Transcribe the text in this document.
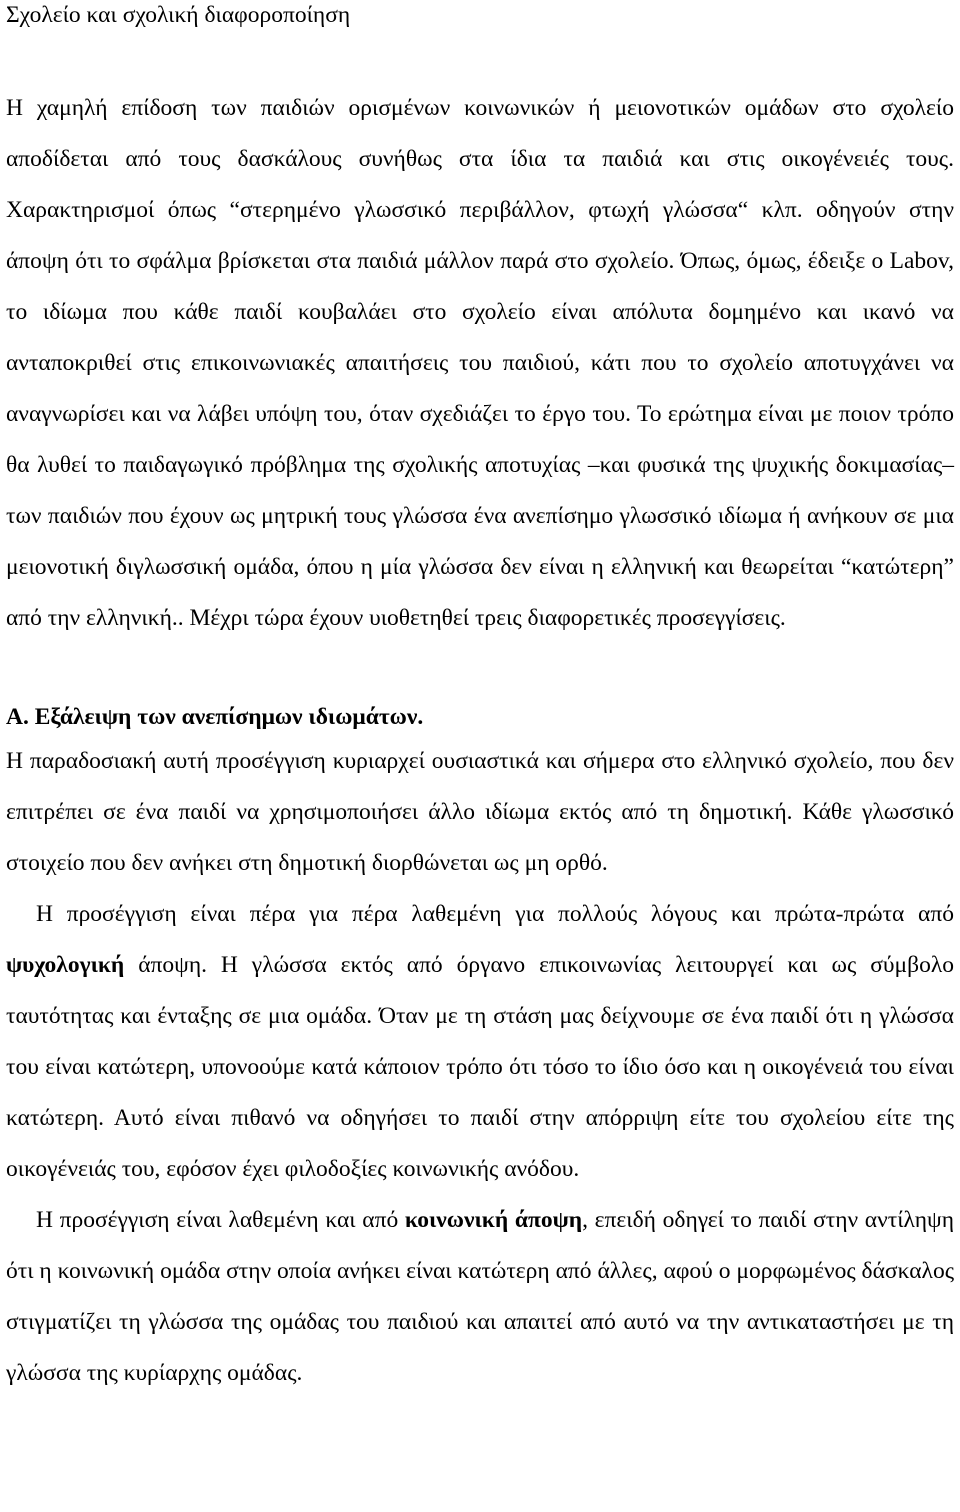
Σχολείο και σχολική διαφοροποίηση

Η χαμηλή επίδοση των παιδιών ορισμένων κοινωνικών ή μειονοτικών ομάδων στο σχολείο αποδίδεται από τους δασκάλους συνήθως στα ίδια τα παιδιά και στις οικογένειές τους. Χαρακτηρισμοί όπως “στερημένο γλωσσικό περιβάλλον, φτωχή γλώσσα“ κλπ. οδηγούν στην άποψη ότι το σφάλμα βρίσκεται στα παιδιά μάλλον παρά στο σχολείο. Όπως, όμως, έδειξε ο Labov, το ιδίωμα που κάθε παιδί κουβαλάει στο σχολείο είναι απόλυτα δομημένο και ικανό να ανταποκριθεί στις επικοινωνιακές απαιτήσεις του παιδιού, κάτι που το σχολείο αποτυγχάνει να αναγνωρίσει και να λάβει υπόψη του, όταν σχεδιάζει το έργο του. Το ερώτημα είναι με ποιον τρόπο θα λυθεί το παιδαγωγικό πρόβλημα της σχολικής αποτυχίας –και φυσικά της ψυχικής δοκιμασίας– των παιδιών που έχουν ως μητρική τους γλώσσα ένα ανεπίσημο γλωσσικό ιδίωμα ή ανήκουν σε μια μειονοτική διγλωσσική ομάδα, όπου η μία γλώσσα δεν είναι η ελληνική και θεωρείται “κατώτερη” από την ελληνική.. Μέχρι τώρα έχουν υιοθετηθεί τρεις διαφορετικές προσεγγίσεις.

Α. Εξάλειψη των ανεπίσημων ιδιωμάτων.

Η παραδοσιακή αυτή προσέγγιση κυριαρχεί ουσιαστικά και σήμερα στο ελληνικό σχολείο, που δεν επιτρέπει σε ένα παιδί να χρησιμοποιήσει άλλο ιδίωμα εκτός από τη δημοτική. Κάθε γλωσσικό στοιχείο που δεν ανήκει στη δημοτική διορθώνεται ως μη ορθό.

Η προσέγγιση είναι πέρα για πέρα λαθεμένη για πολλούς λόγους και πρώτα-πρώτα από ψυχολογική άποψη. Η γλώσσα εκτός από όργανο επικοινωνίας λειτουργεί και ως σύμβολο ταυτότητας και ένταξης σε μια ομάδα. Όταν με τη στάση μας δείχνουμε σε ένα παιδί ότι η γλώσσα του είναι κατώτερη, υπονοούμε κατά κάποιον τρόπο ότι τόσο το ίδιο όσο και η οικογένειά του είναι κατώτερη. Αυτό είναι πιθανό να οδηγήσει το παιδί στην απόρριψη είτε του σχολείου είτε της οικογένειάς του, εφόσον έχει φιλοδοξίες κοινωνικής ανόδου.

Η προσέγγιση είναι λαθεμένη και από κοινωνική άποψη, επειδή οδηγεί το παιδί στην αντίληψη ότι η κοινωνική ομάδα στην οποία ανήκει είναι κατώτερη από άλλες, αφού ο μορφωμένος δάσκαλος στιγματίζει τη γλώσσα της ομάδας του παιδιού και απαιτεί από αυτό να την αντικαταστήσει με τη γλώσσα της κυρίαρχης ομάδας.
